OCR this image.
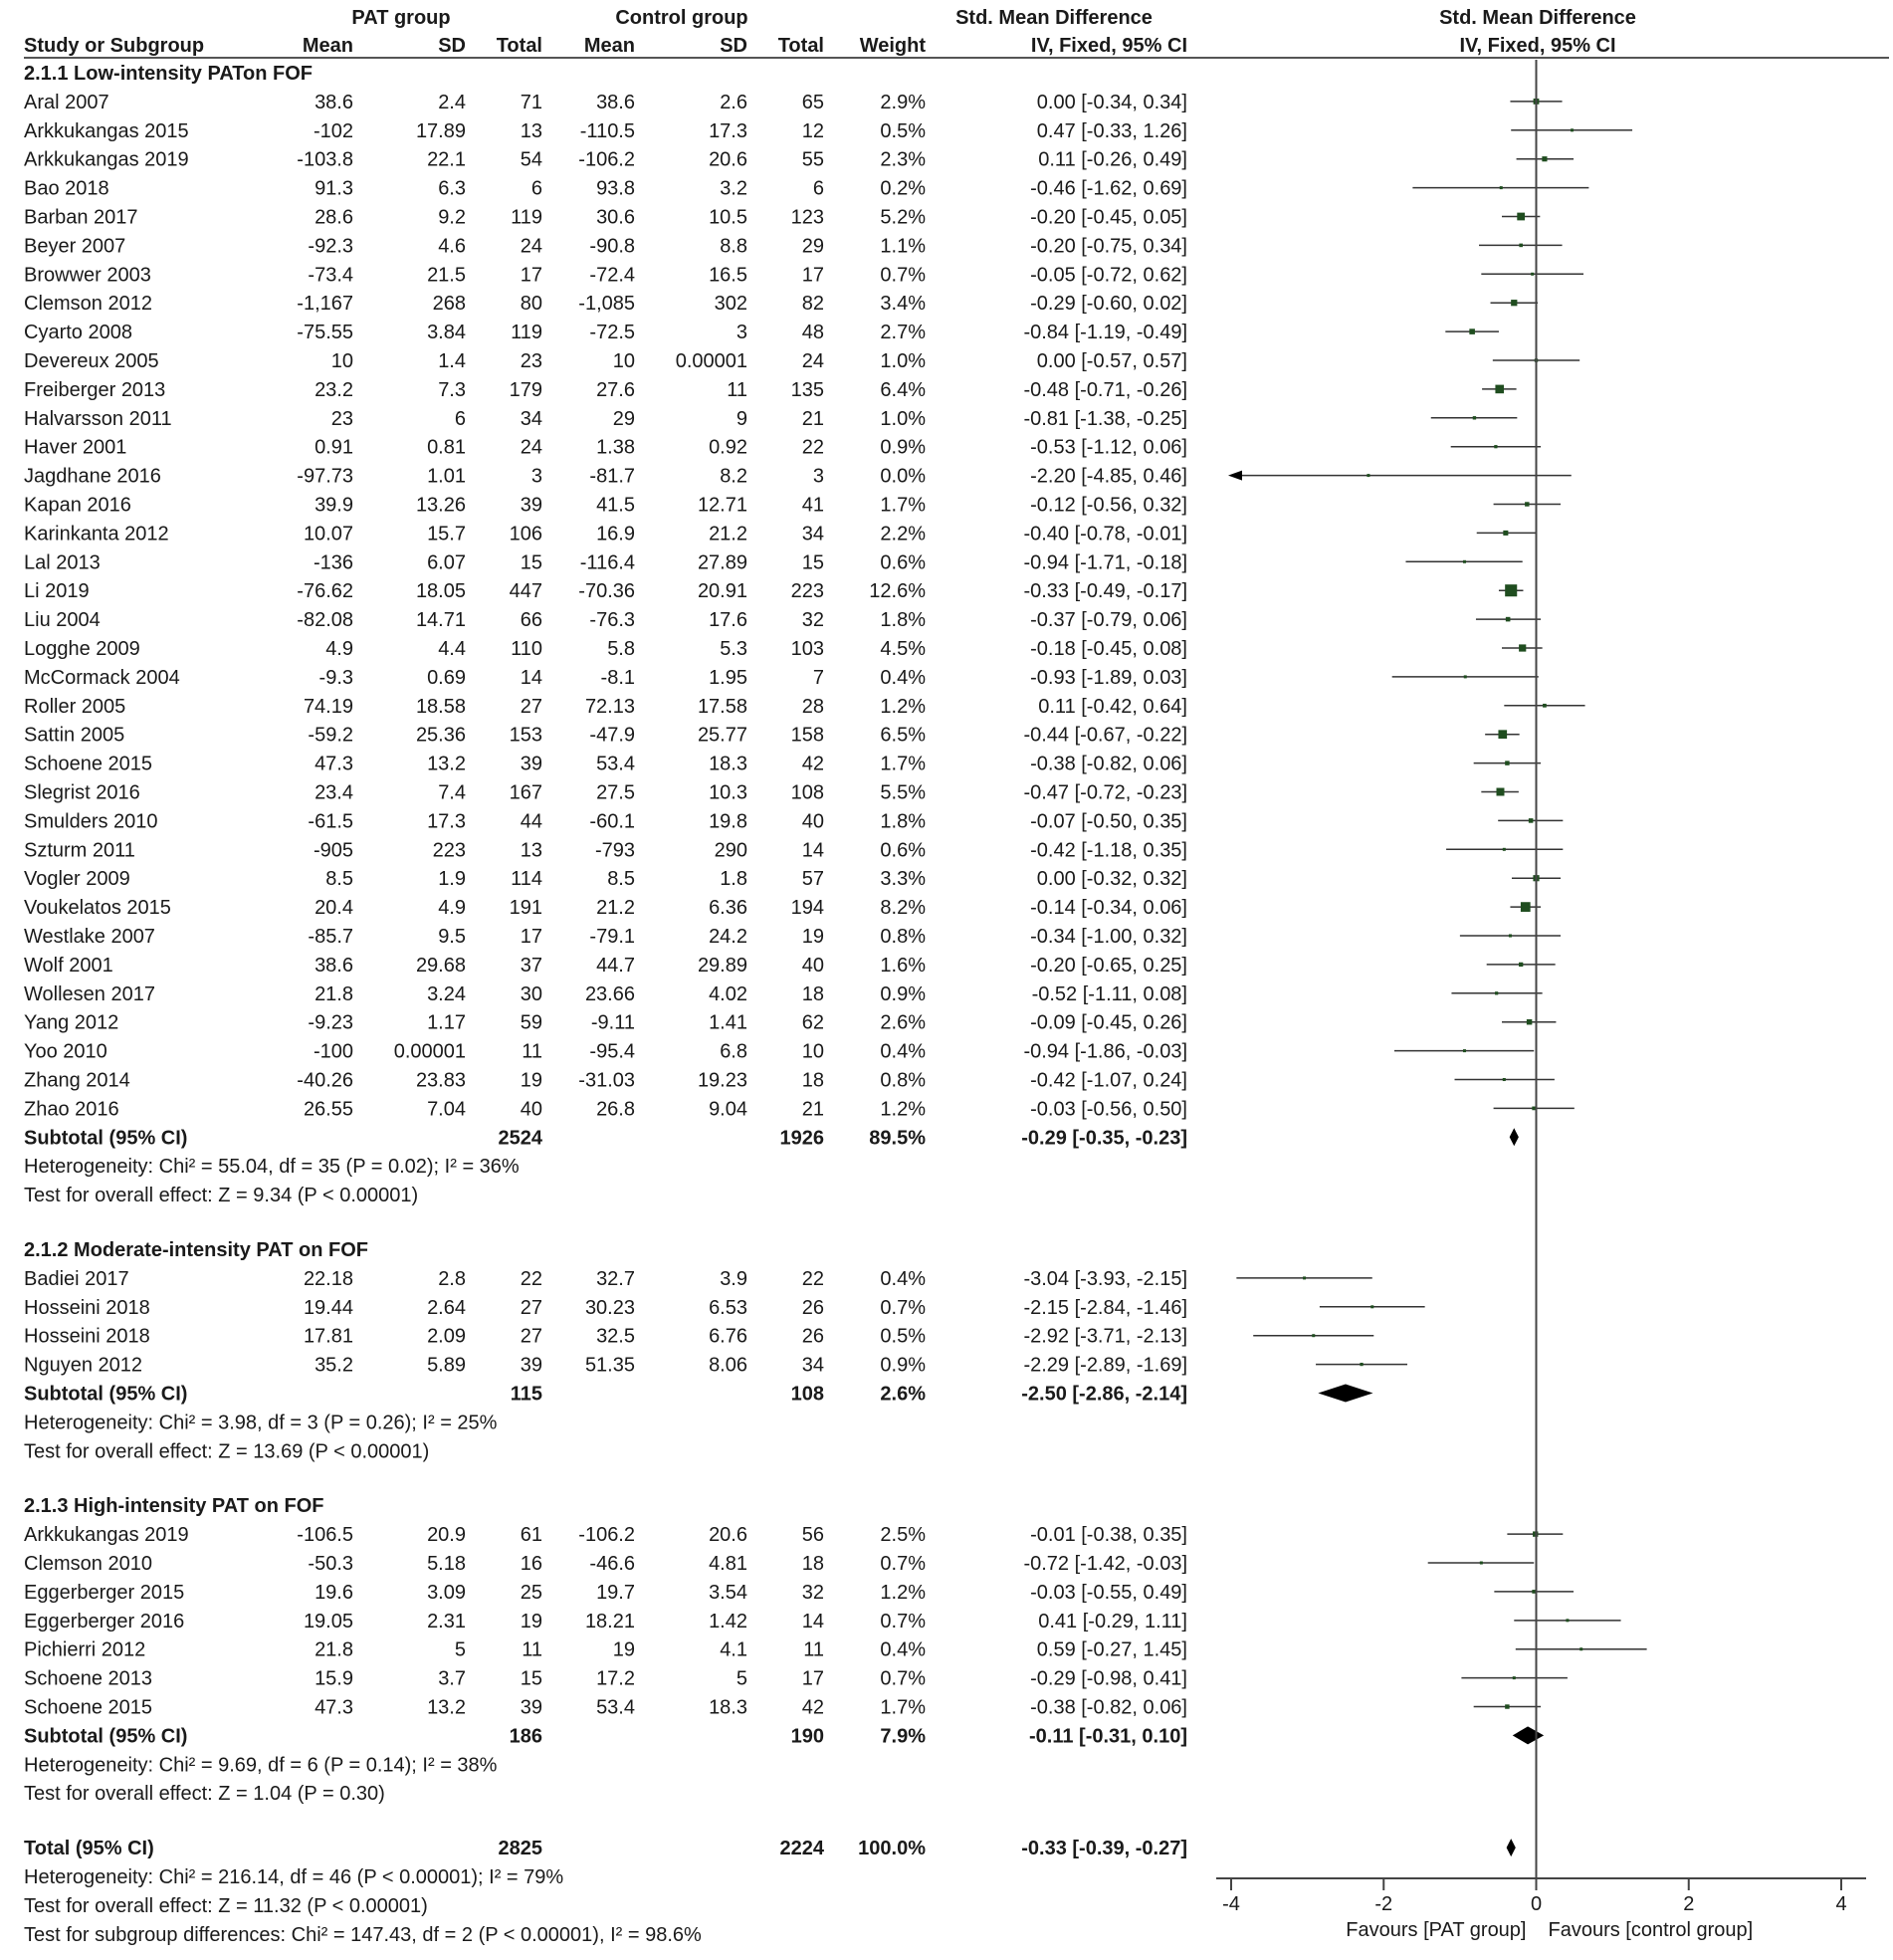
PAT group	Control group	Std. Mean Difference	Std. Mean Difference
Study or Subgroup	Mean	SD Total Mean	SD Total Weight	IV, Fixed, 95% CI	IV, Fixed, 95% CI
2.1.1 Low-intensity PATon FOF
Aral 2007	38.6	2.4	71	38.6	2.6	65	2.9%	0.00 [-0.34, 0.34]
Arkkukangas 2015	-102	17.89	13 -110.5	17.3	12	0.5%	0.47 [-0.33, 1.26]
Arkkukangas 2019	-103.8	22.1	54 -106.2	20.6	55	2.3%	0.11 [-0.26, 0.49]
Bao 2018	91.3	6.3	6	93.8	3.2	6	0.2%	-0.46 [-1.62, 0.69]
Barban 2017	28.6	9.2 119	30.6	10.5 123	5.2%	-0.20 [-0.45, 0.05]
Beyer 2007	-92.3	4.6	24 -90.8	8.8	29	1.1%	-0.20 [-0.75, 0.34]
Browwer 2003	-73.4	21.5	17 -72.4	16.5	17	0.7%	-0.05 [-0.72, 0.62]
Clemson 2012	-1,167	268	80 -1,085	302	82	3.4%	-0.29 [-0.60, 0.02]
Cyarto 2008	-75.55	3.84 119 -72.5	3	48	2.7%	-0.84 [-1.19, -0.49]
Devereux 2005	10	1.4	23	10 0.00001	24	1.0%	0.00 [-0.57, 0.57]
Freiberger 2013	23.2	7.3 179	27.6	11 135	6.4%	-0.48 [-0.71, -0.26]
Halvarsson 2011	23	6	34	29	9	21	1.0%	-0.81 [-1.38, -0.25]
Haver 2001	0.91	0.81	24	1.38	0.92	22	0.9%	-0.53 [-1.12, 0.06]
Jagdhane 2016	-97.73	1.01	3 -81.7	8.2	3	0.0%	-2.20 [-4.85, 0.46]
Kapan 2016	39.9	13.26	39	41.5	12.71	41	1.7%	-0.12 [-0.56, 0.32]
Karinkanta 2012	10.07	15.7 106	16.9	21.2	34	2.2%	-0.40 [-0.78, -0.01]
Lal 2013	-136	6.07	15 -116.4	27.89	15	0.6%	-0.94 [-1.71, -0.18]
Li 2019	-76.62	18.05 447 -70.36	20.91 223 12.6%	-0.33 [-0.49, -0.17]
Liu 2004	-82.08	14.71	66 -76.3	17.6	32	1.8%	-0.37 [-0.79, 0.06]
Logghe 2009	4.9	4.4 110	5.8	5.3 103	4.5%	-0.18 [-0.45, 0.08]
McCormack 2004	-9.3	0.69	14	-8.1	1.95	7	0.4%	-0.93 [-1.89, 0.03]
Roller 2005	74.19	18.58	27 72.13	17.58	28	1.2%	0.11 [-0.42, 0.64]
Sattin 2005	-59.2	25.36 153 -47.9	25.77 158	6.5%	-0.44 [-0.67, -0.22]
Schoene 2015	47.3	13.2	39	53.4	18.3	42	1.7%	-0.38 [-0.82, 0.06]
Slegrist 2016	23.4	7.4 167	27.5	10.3 108	5.5%	-0.47 [-0.72, -0.23]
Smulders 2010	-61.5	17.3	44 -60.1	19.8	40	1.8%	-0.07 [-0.50, 0.35]
Szturm 2011	-905	223	13	-793	290	14	0.6%	-0.42 [-1.18, 0.35]
Vogler 2009	8.5	1.9 114	8.5	1.8	57	3.3%	0.00 [-0.32, 0.32]
Voukelatos 2015	20.4	4.9 191	21.2	6.36 194	8.2%	-0.14 [-0.34, 0.06]
Westlake 2007	-85.7	9.5	17 -79.1	24.2	19	0.8%	-0.34 [-1.00, 0.32]
Wolf 2001	38.6	29.68	37	44.7	29.89	40	1.6%	-0.20 [-0.65, 0.25]
Wollesen 2017	21.8	3.24	30 23.66	4.02	18	0.9%	-0.52 [-1.11, 0.08]
Yang 2012	-9.23	1.17	59 -9.11	1.41	62	2.6%	-0.09 [-0.45, 0.26]
Yoo 2010	-100 0.00001	11 -95.4	6.8	10	0.4%	-0.94 [-1.86, -0.03]
Zhang 2014	-40.26	23.83	19 -31.03	19.23	18	0.8%	-0.42 [-1.07, 0.24]
Zhao 2016	26.55	7.04	40	26.8	9.04	21	1.2%	-0.03 [-0.56, 0.50]
Subtotal (95% CI)	2524	1926 89.5%	-0.29 [-0.35, -0.23]
Heterogeneity: Chi² = 55.04, df = 35 (P = 0.02); I² = 36%
Test for overall effect: Z = 9.34 (P < 0.00001)
2.1.2 Moderate-intensity PAT on FOF
Badiei 2017	22.18	2.8	22	32.7	3.9	22	0.4%	-3.04 [-3.93, -2.15]
Hosseini 2018	19.44	2.64	27 30.23	6.53	26	0.7%	-2.15 [-2.84, -1.46]
Hosseini 2018	17.81	2.09	27	32.5	6.76	26	0.5%	-2.92 [-3.71, -2.13]
Nguyen 2012	35.2	5.89	39 51.35	8.06	34	0.9%	-2.29 [-2.89, -1.69]
Subtotal (95% CI)	115	108	2.6%	-2.50 [-2.86, -2.14]
Heterogeneity: Chi² = 3.98, df = 3 (P = 0.26); I² = 25%
Test for overall effect: Z = 13.69 (P < 0.00001)
2.1.3 High-intensity PAT on FOF
Arkkukangas 2019	-106.5	20.9	61 -106.2	20.6	56	2.5%	-0.01 [-0.38, 0.35]
Clemson 2010	-50.3	5.18	16 -46.6	4.81	18	0.7%	-0.72 [-1.42, -0.03]
Eggerberger 2015	19.6	3.09	25	19.7	3.54	32	1.2%	-0.03 [-0.55, 0.49]
Eggerberger 2016	19.05	2.31	19 18.21	1.42	14	0.7%	0.41 [-0.29, 1.11]
Pichierri 2012	21.8	5	11	19	4.1	11	0.4%	0.59 [-0.27, 1.45]
Schoene 2013	15.9	3.7	15	17.2	5	17	0.7%	-0.29 [-0.98, 0.41]
Schoene 2015	47.3	13.2	39	53.4	18.3	42	1.7%	-0.38 [-0.82, 0.06]
Subtotal (95% CI)	186	190	7.9%	-0.11 [-0.31, 0.10]
Heterogeneity: Chi² = 9.69, df = 6 (P = 0.14); I² = 38%
Test for overall effect: Z = 1.04 (P = 0.30)
Total (95% CI)	2825	2224 100.0%	-0.33 [-0.39, -0.27]
Heterogeneity: Chi² = 216.14, df = 46 (P < 0.00001); I² = 79%
Test for overall effect: Z = 11.32 (P < 0.00001)
Test for subgroup differences: Chi² = 147.43, df = 2 (P < 0.00001), I² = 98.6%
-4	-2	0	2	4
Favours [PAT group] Favours [control group]
